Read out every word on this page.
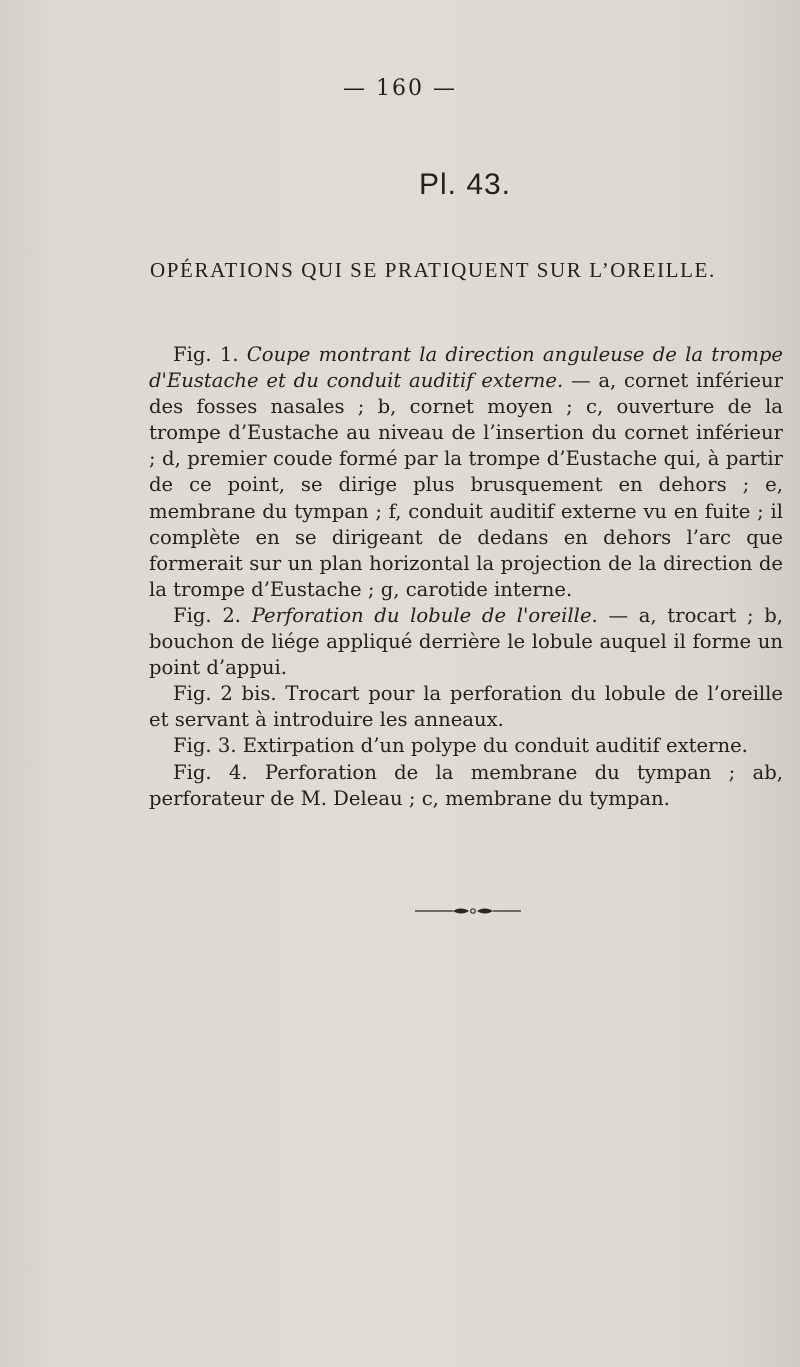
— 160 —
Pl. 43.
OPÉRATIONS QUI SE PRATIQUENT SUR L’OREILLE.

Fig. 1. Coupe montrant la direction anguleuse de la trompe d'Eustache et du conduit auditif externe. — a, cornet inférieur des fosses nasales ; b, cornet moyen ; c, ouverture de la trompe d’Eustache au niveau de l’insertion du cornet inférieur ; d, premier coude formé par la trompe d’Eustache qui, à partir de ce point, se dirige plus brusquement en dehors ; e, membrane du tympan ; f, conduit auditif externe vu en fuite ; il complète en se dirigeant de dedans en dehors l’arc que formerait sur un plan horizontal la projection de la direction de la trompe d’Eustache ; g, carotide interne.

Fig. 2. Perforation du lobule de l'oreille. — a, trocart ; b, bouchon de liége appliqué derrière le lobule auquel il forme un point d’appui.

Fig. 2 bis. Trocart pour la perforation du lobule de l’oreille et servant à introduire les anneaux.

Fig. 3. Extirpation d’un polype du conduit auditif externe.

Fig. 4. Perforation de la membrane du tympan ; ab, perforateur de M. Deleau ; c, membrane du tympan.
